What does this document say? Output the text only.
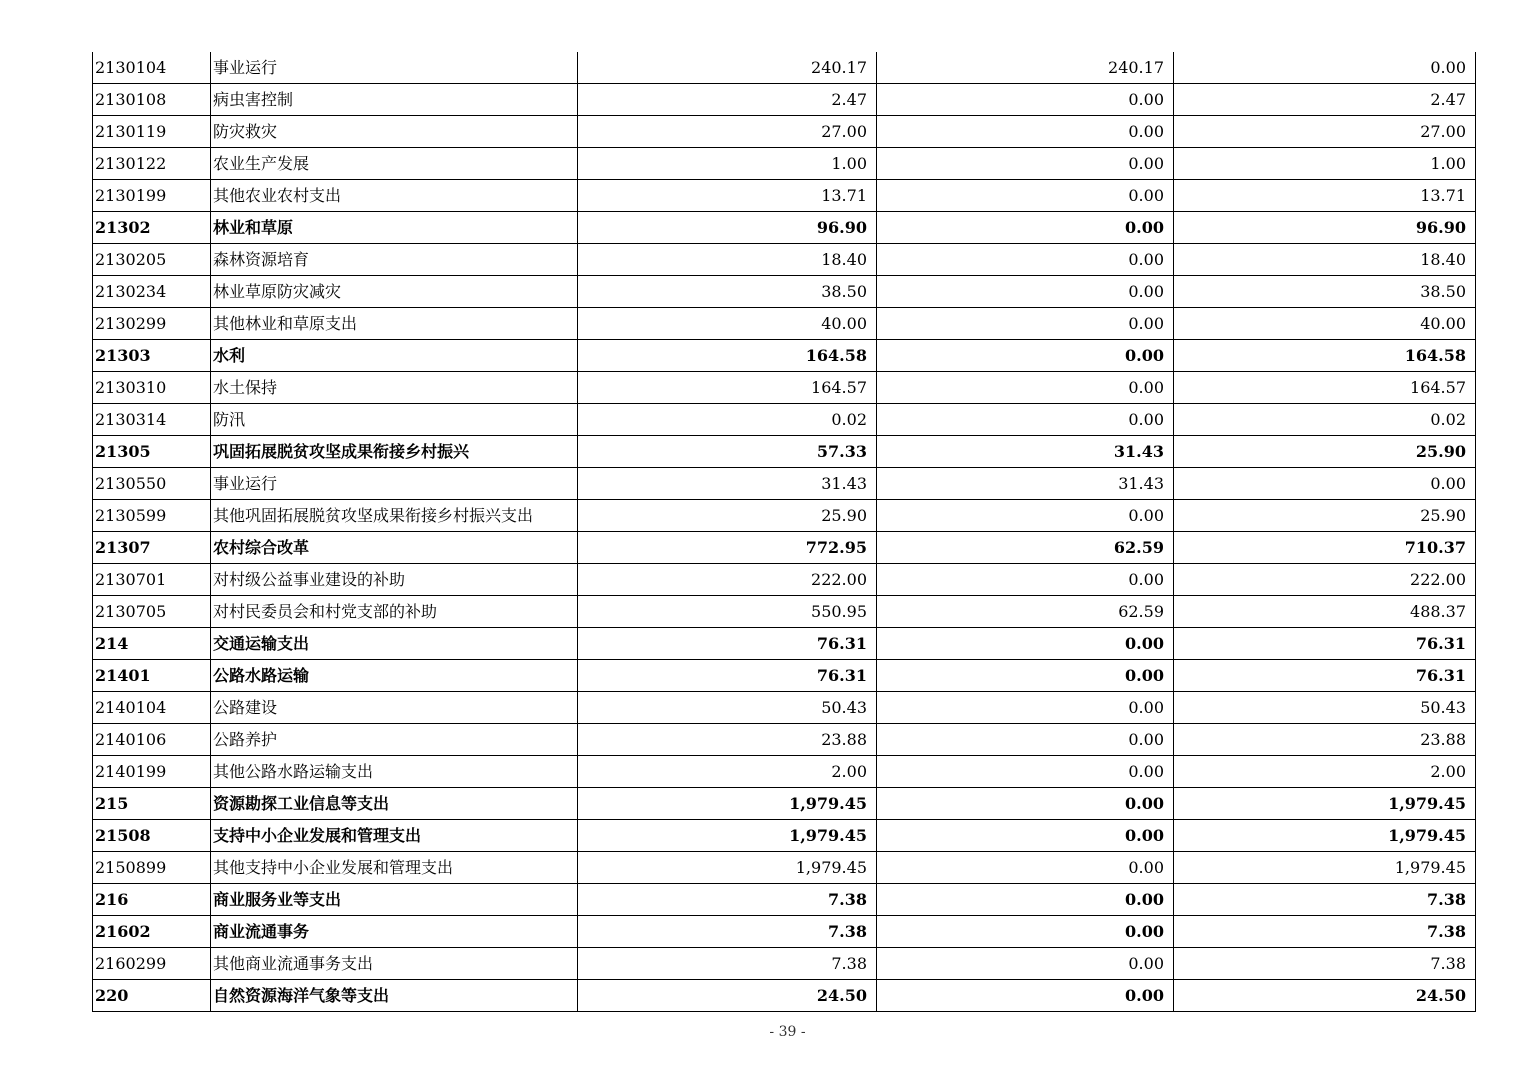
2130104	事业运行	240.17	240.17	0.00
2130108	病虫害控制	2.47	0.00	2.47
2130119	防灾救灾	27.00	0.00	27.00
2130122	农业生产发展	1.00	0.00	1.00
2130199	其他农业农村支出	13.71	0.00	13.71
21302	林业和草原	96.90	0.00	96.90
2130205	森林资源培育	18.40	0.00	18.40
2130234	林业草原防灾减灾	38.50	0.00	38.50
2130299	其他林业和草原支出	40.00	0.00	40.00
21303	水利	164.58	0.00	164.58
2130310	水土保持	164.57	0.00	164.57
2130314	防汛	0.02	0.00	0.02
21305	巩固拓展脱贫攻坚成果衔接乡村振兴	57.33	31.43	25.90
2130550	事业运行	31.43	31.43	0.00
2130599	其他巩固拓展脱贫攻坚成果衔接乡村振兴支出	25.90	0.00	25.90
21307	农村综合改革	772.95	62.59	710.37
2130701	对村级公益事业建设的补助	222.00	0.00	222.00
2130705	对村民委员会和村党支部的补助	550.95	62.59	488.37
214	交通运输支出	76.31	0.00	76.31
21401	公路水路运输	76.31	0.00	76.31
2140104	公路建设	50.43	0.00	50.43
2140106	公路养护	23.88	0.00	23.88
2140199	其他公路水路运输支出	2.00	0.00	2.00
215	资源勘探工业信息等支出	1,979.45	0.00	1,979.45
21508	支持中小企业发展和管理支出	1,979.45	0.00	1,979.45
2150899	其他支持中小企业发展和管理支出	1,979.45	0.00	1,979.45
216	商业服务业等支出	7.38	0.00	7.38
21602	商业流通事务	7.38	0.00	7.38
2160299	其他商业流通事务支出	7.38	0.00	7.38
220	自然资源海洋气象等支出	24.50	0.00	24.50
- 39 -
